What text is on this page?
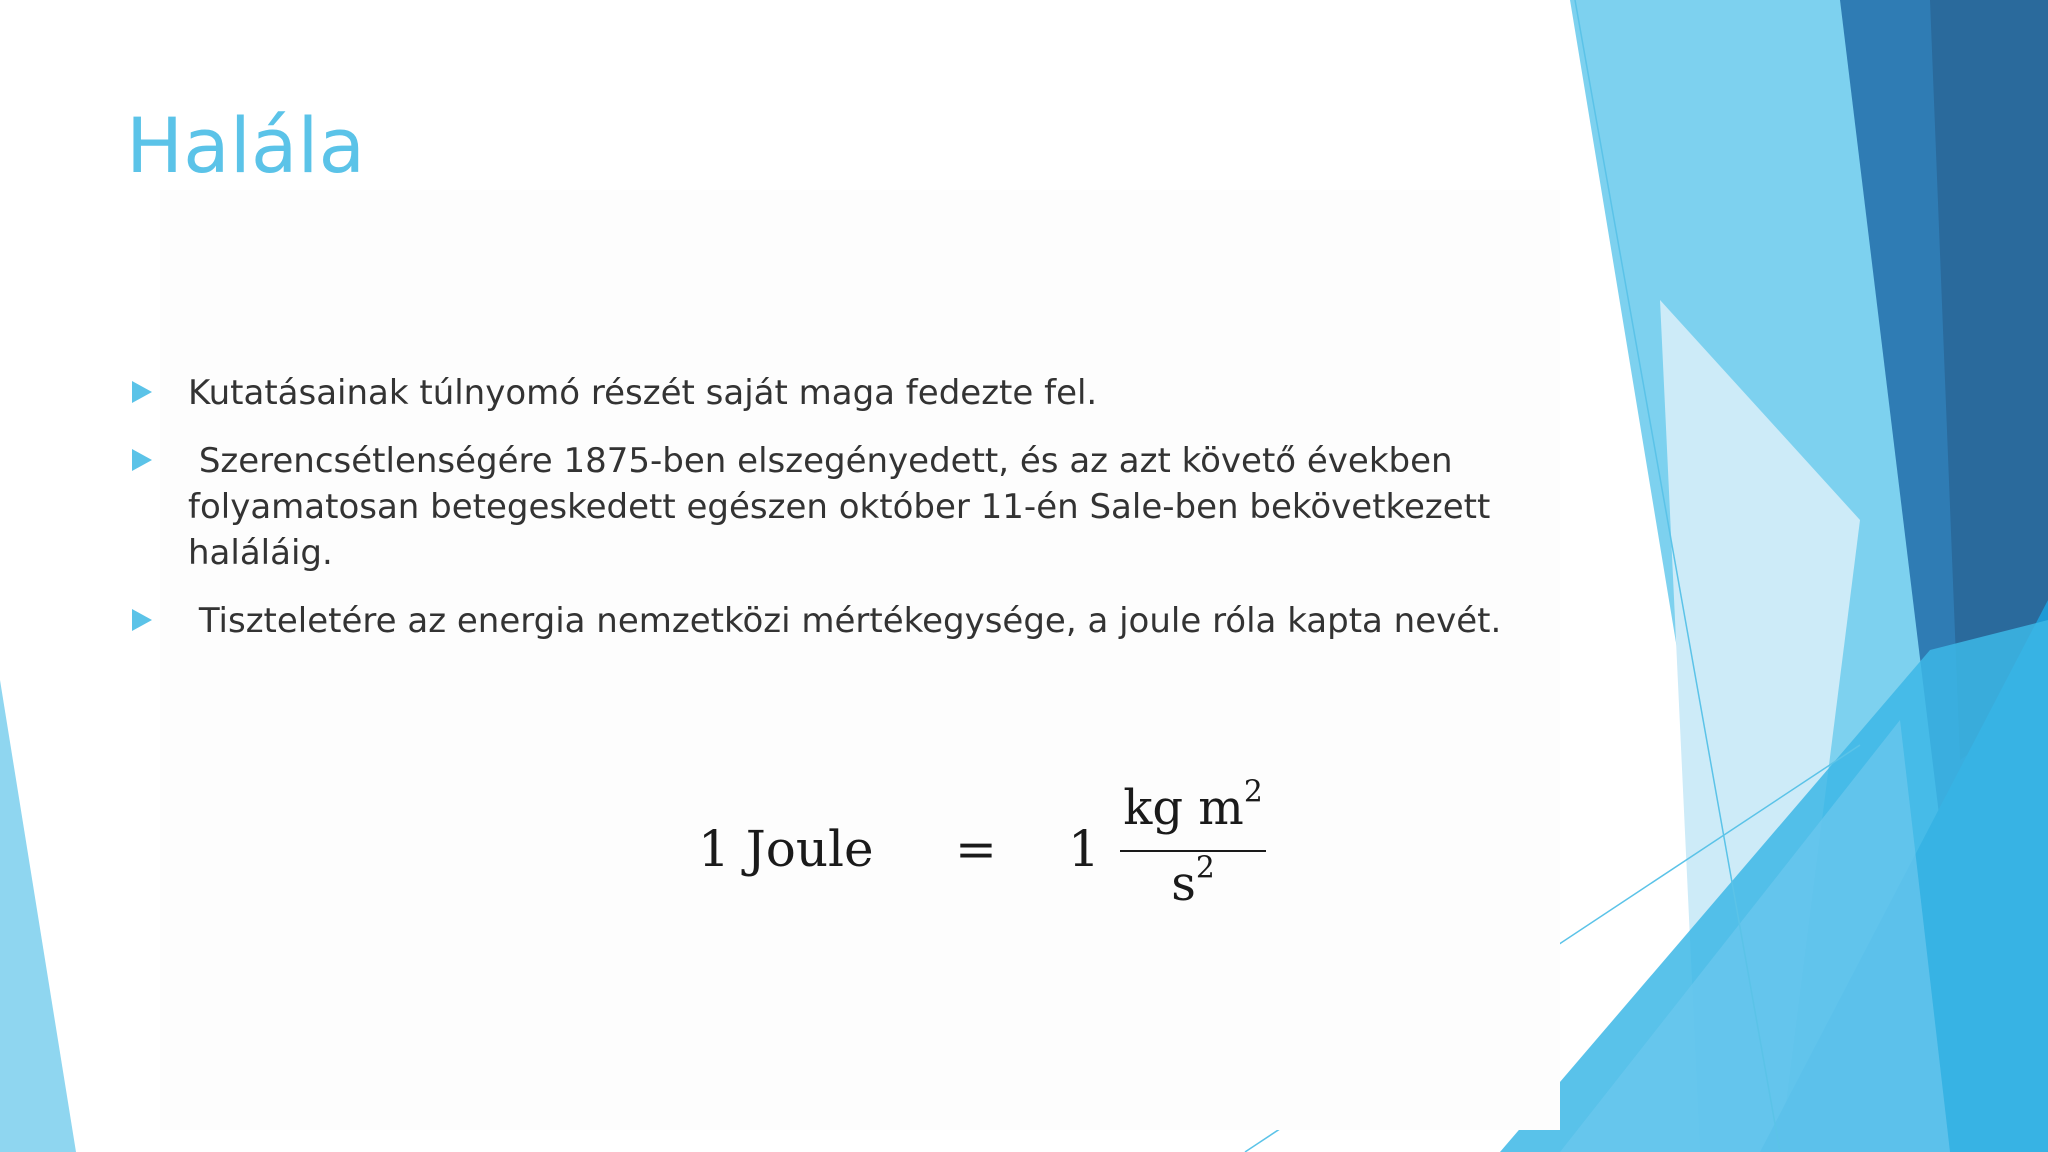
Halála
Kutatásainak túlnyomó részét saját maga fedezte fel.
Szerencsétlenségére 1875-ben elszegényedett, és az azt követő években folyamatosan betegeskedett egészen október 11-én Sale-ben bekövetkezett haláláig.
Tiszteletére az energia nemzetközi mértékegysége, a joule róla kapta nevét.
1 Joule = 1
kg $m^2$
$s^2$
